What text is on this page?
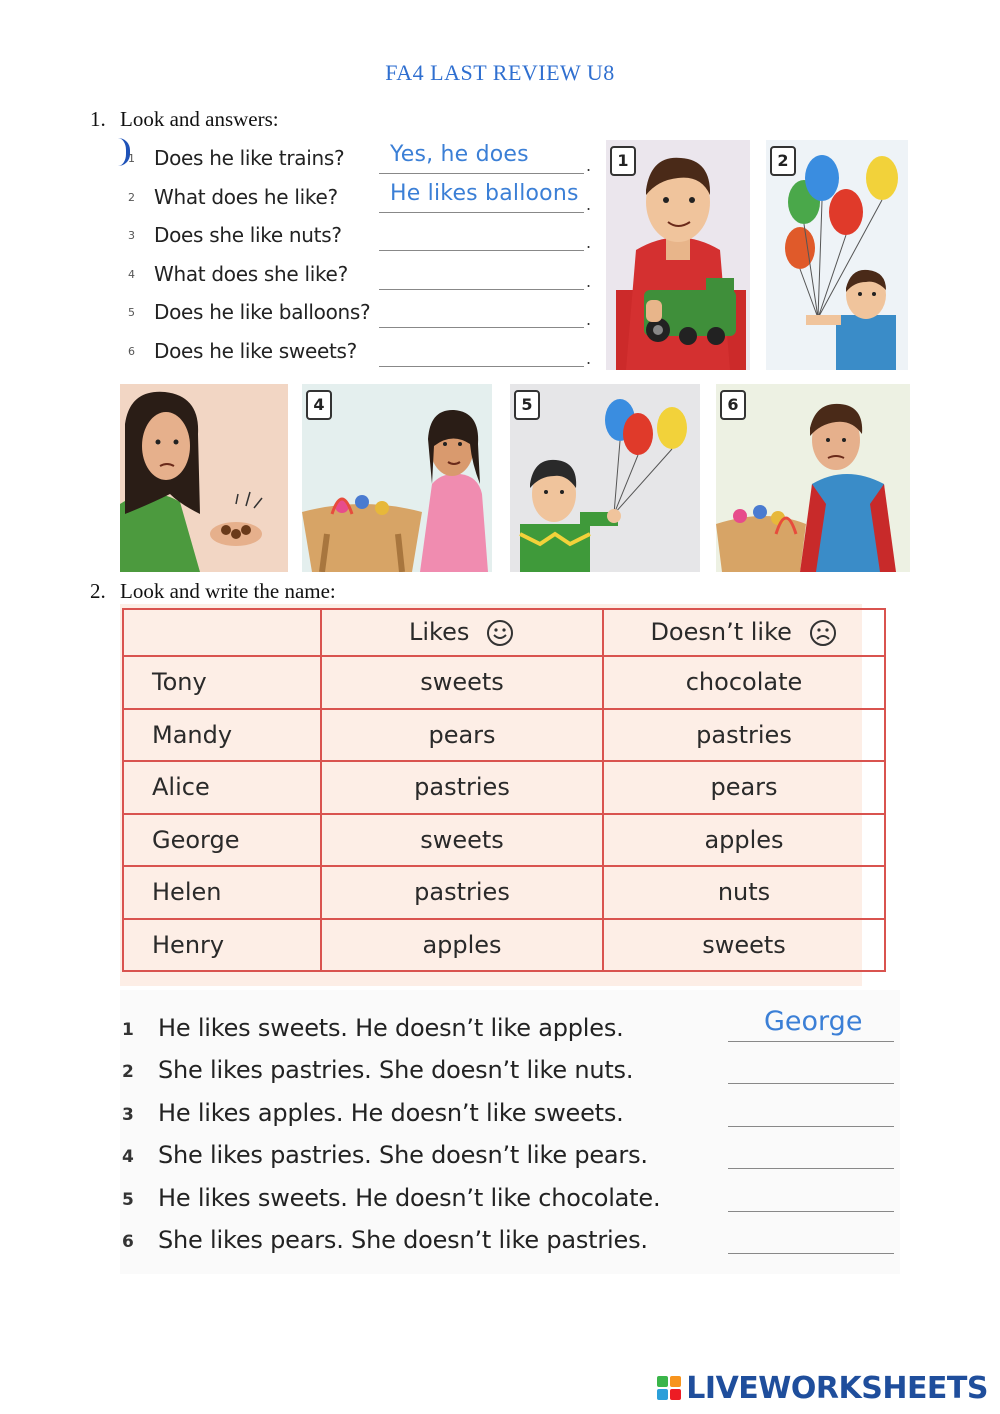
FA4 LAST REVIEW U8
1. Look and answers:
1 Does he like trains? Yes, he does	.
2 What does he like? He likes balloons .
3 Does she like nuts?	.
4 What does she like?	.
5 Does he like balloons?	.
6 Does he like sweets?	.
1	2
4	5	6
2. Look and write the name:
	Likes	Doesn’t like
Tony	sweets	chocolate
Mandy	pears	pastries
Alice	pastries	pears
George	sweets	apples
Helen	pastries	nuts
Henry	apples	sweets
1 He likes sweets. He doesn’t like apples.	George
2 She likes pastries. She doesn’t like nuts.
3 He likes apples. He doesn’t like sweets.
4 She likes pastries. She doesn’t like pears.
5 He likes sweets. He doesn’t like chocolate.
6 She likes pears. She doesn’t like pastries.
LIVEWORKSHEETS
